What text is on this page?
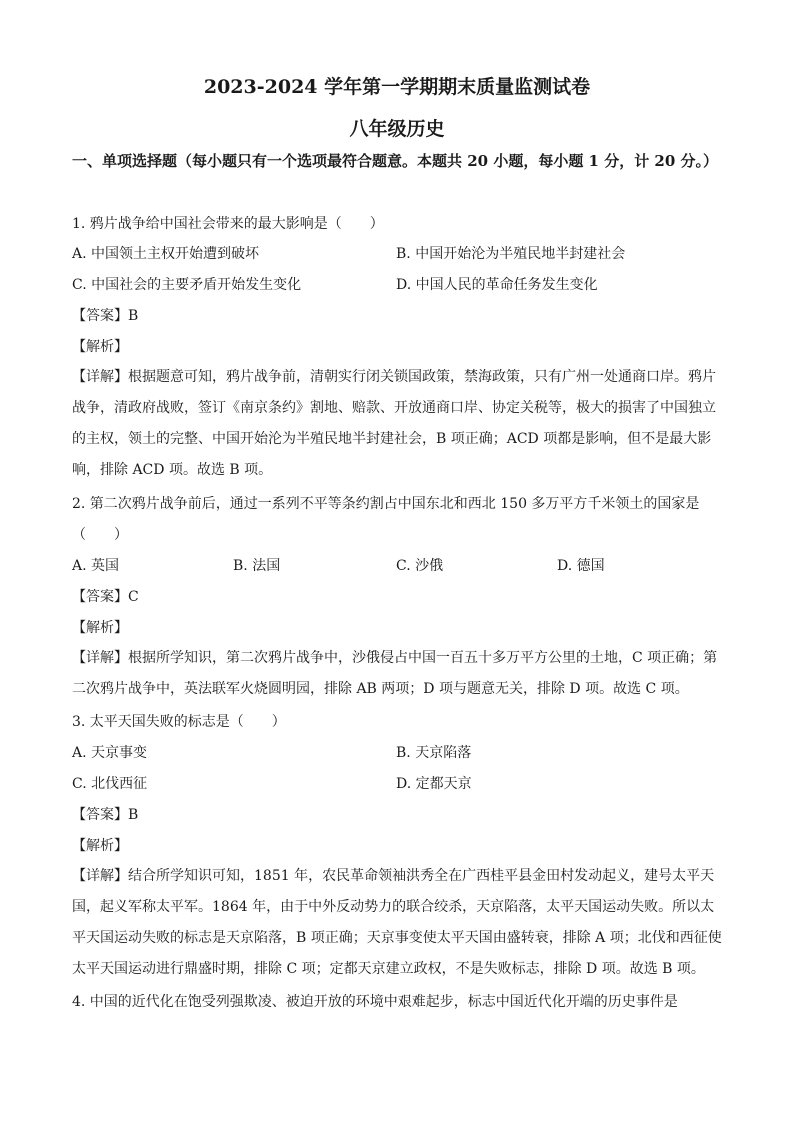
2023-2024 学年第一学期期末质量监测试卷
八年级历史
一、单项选择题（每小题只有一个选项最符合题意。本题共 20 小题，每小题 1 分，计 20 分。）
1. 鸦片战争给中国社会带来的最大影响是（　　）
A. 中国领土主权开始遭到破坏	B. 中国开始沦为半殖民地半封建社会
C. 中国社会的主要矛盾开始发生变化	D. 中国人民的革命任务发生变化
【答案】B
【解析】
【详解】根据题意可知，鸦片战争前，清朝实行闭关锁国政策，禁海政策，只有广州一处通商口岸。鸦片战争，清政府战败，签订《南京条约》割地、赔款、开放通商口岸、协定关税等，极大的损害了中国独立的主权，领土的完整、中国开始沦为半殖民地半封建社会，B 项正确；ACD 项都是影响，但不是最大影响，排除 ACD 项。故选 B 项。
2. 第二次鸦片战争前后，通过一系列不平等条约割占中国东北和西北 150 多万平方千米领土的国家是（　　）
A. 英国	B. 法国	C. 沙俄	D. 德国
【答案】C
【解析】
【详解】根据所学知识，第二次鸦片战争中，沙俄侵占中国一百五十多万平方公里的土地，C 项正确；第二次鸦片战争中，英法联军火烧圆明园，排除 AB 两项；D 项与题意无关，排除 D 项。故选 C 项。
3. 太平天国失败的标志是（　　）
A. 天京事变	B. 天京陷落
C. 北伐西征	D. 定都天京
【答案】B
【解析】
【详解】结合所学知识可知，1851 年，农民革命领袖洪秀全在广西桂平县金田村发动起义，建号太平天国，起义军称太平军。1864 年，由于中外反动势力的联合绞杀，天京陷落，太平天国运动失败。所以太平天国运动失败的标志是天京陷落，B 项正确；天京事变使太平天国由盛转衰，排除 A 项；北伐和西征使太平天国运动进行鼎盛时期，排除 C 项；定都天京建立政权，不是失败标志，排除 D 项。故选 B 项。
4. 中国的近代化在饱受列强欺凌、被迫开放的环境中艰难起步，标志中国近代化开端的历史事件是
